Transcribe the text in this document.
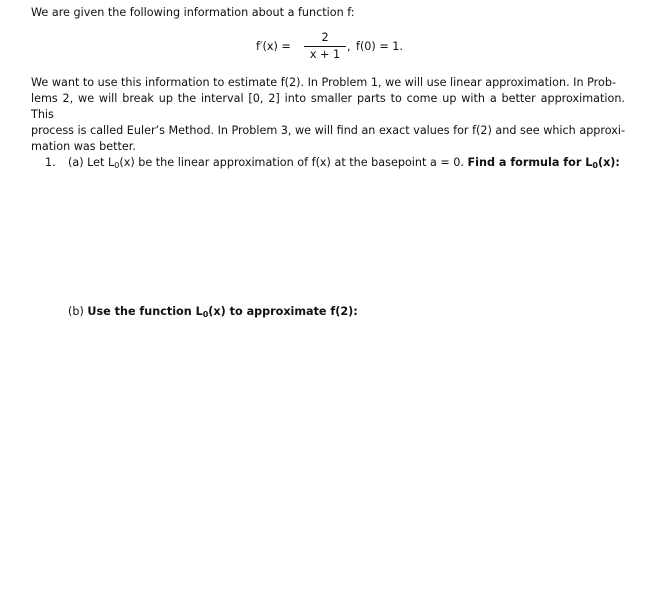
We are given the following information about a function f:
f′(x) =
2
x + 1
, f(0) = 1.
We want to use this information to estimate f(2). In Problem 1, we will use linear approximation. In Prob-
lems 2, we will break up the interval [0, 2] into smaller parts to come up with a better approximation. This
process is called Euler’s Method. In Problem 3, we will find an exact values for f(2) and see which approxi-
mation was better.
1. (a) Let $L_0(x)$ be the linear approximation of f(x) at the basepoint a = 0. Find a formula for $L_0(x)$:
(b) Use the function $L_0(x)$ to approximate f(2):
